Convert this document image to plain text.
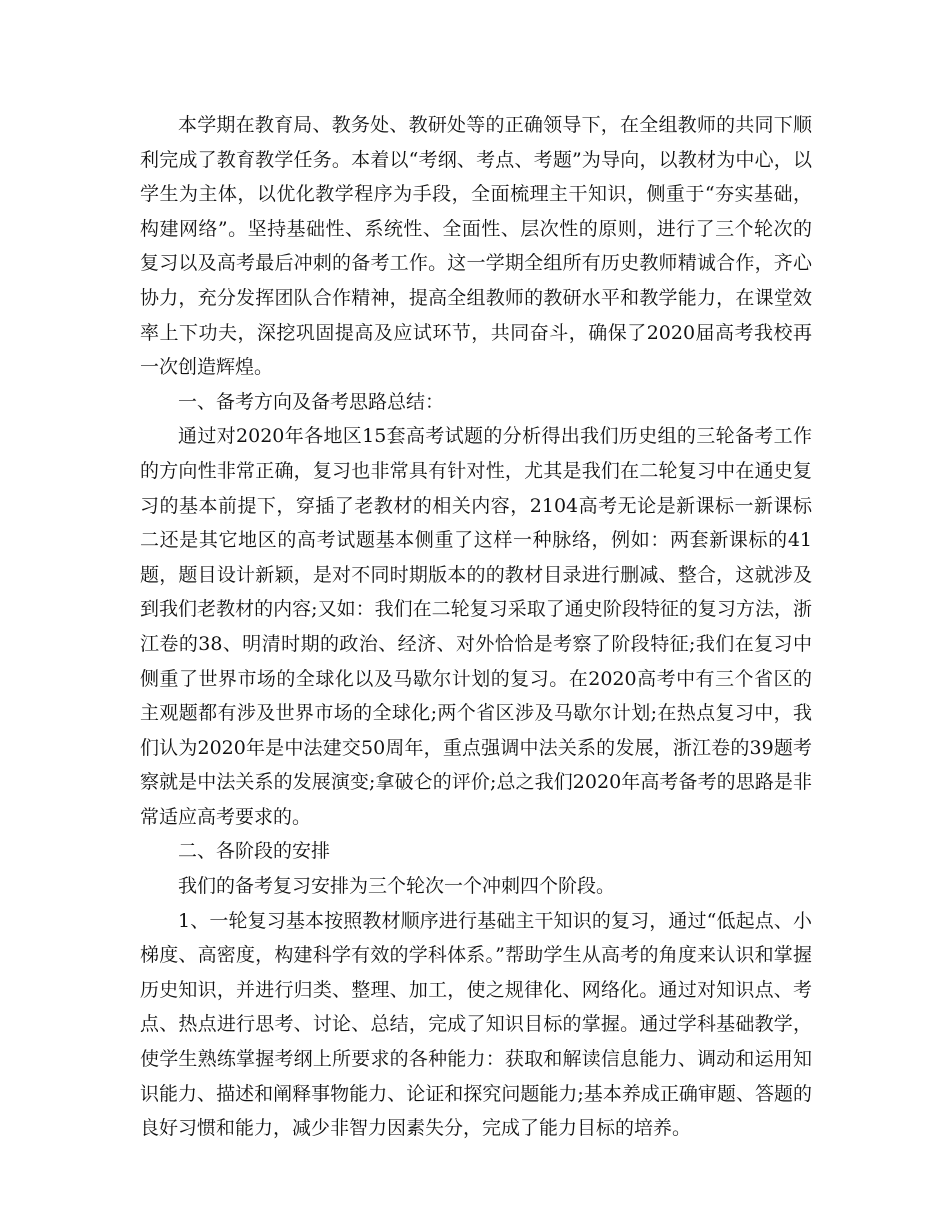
本学期在教育局、教务处、教研处等的正确领导下，在全组教师的共同下顺利完成了教育教学任务。本着以“考纲、考点、考题”为导向，以教材为中心，以学生为主体，以优化教学程序为手段，全面梳理主干知识，侧重于“夯实基础，构建网络”。坚持基础性、系统性、全面性、层次性的原则，进行了三个轮次的复习以及高考最后冲刺的备考工作。这一学期全组所有历史教师精诚合作，齐心协力，充分发挥团队合作精神，提高全组教师的教研水平和教学能力，在课堂效率上下功夫，深挖巩固提高及应试环节，共同奋斗，确保了2020届高考我校再一次创造辉煌。

一、备考方向及备考思路总结：

通过对2020年各地区15套高考试题的分析得出我们历史组的三轮备考工作的方向性非常正确，复习也非常具有针对性，尤其是我们在二轮复习中在通史复习的基本前提下，穿插了老教材的相关内容，2104高考无论是新课标一新课标二还是其它地区的高考试题基本侧重了这样一种脉络，例如：两套新课标的41题，题目设计新颖，是对不同时期版本的的教材目录进行删减、整合，这就涉及到我们老教材的内容;又如：我们在二轮复习采取了通史阶段特征的复习方法，浙江卷的38、明清时期的政治、经济、对外恰恰是考察了阶段特征;我们在复习中侧重了世界市场的全球化以及马歇尔计划的复习。在2020高考中有三个省区的主观题都有涉及世界市场的全球化;两个省区涉及马歇尔计划;在热点复习中，我们认为2020年是中法建交50周年，重点强调中法关系的发展，浙江卷的39题考察就是中法关系的发展演变;拿破仑的评价;总之我们2020年高考备考的思路是非常适应高考要求的。

二、各阶段的安排

我们的备考复习安排为三个轮次一个冲刺四个阶段。

1、一轮复习基本按照教材顺序进行基础主干知识的复习，通过“低起点、小梯度、高密度，构建科学有效的学科体系。”帮助学生从高考的角度来认识和掌握历史知识，并进行归类、整理、加工，使之规律化、网络化。通过对知识点、考点、热点进行思考、讨论、总结，完成了知识目标的掌握。通过学科基础教学，使学生熟练掌握考纲上所要求的各种能力：获取和解读信息能力、调动和运用知识能力、描述和阐释事物能力、论证和探究问题能力;基本养成正确审题、答题的良好习惯和能力，减少非智力因素失分，完成了能力目标的培养。
